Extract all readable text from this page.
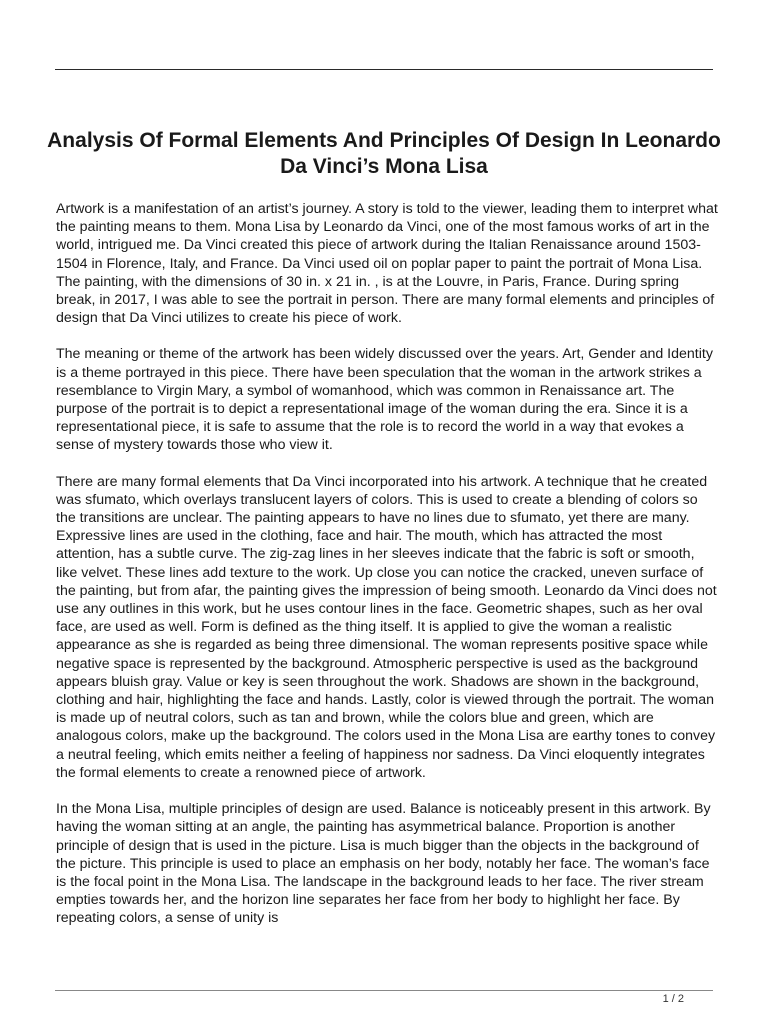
Analysis Of Formal Elements And Principles Of Design In Leonardo Da Vinci’s Mona Lisa

Artwork is a manifestation of an artist’s journey. A story is told to the viewer, leading them to interpret what the painting means to them. Mona Lisa by Leonardo da Vinci, one of the most famous works of art in the world, intrigued me. Da Vinci created this piece of artwork during the Italian Renaissance around 1503-1504 in Florence, Italy, and France. Da Vinci used oil on poplar paper to paint the portrait of Mona Lisa. The painting, with the dimensions of 30 in. x 21 in. , is at the Louvre, in Paris, France. During spring break, in 2017, I was able to see the portrait in person. There are many formal elements and principles of design that Da Vinci utilizes to create his piece of work.

The meaning or theme of the artwork has been widely discussed over the years. Art, Gender and Identity is a theme portrayed in this piece. There have been speculation that the woman in the artwork strikes a resemblance to Virgin Mary, a symbol of womanhood, which was common in Renaissance art. The purpose of the portrait is to depict a representational image of the woman during the era. Since it is a representational piece, it is safe to assume that the role is to record the world in a way that evokes a sense of mystery towards those who view it.

There are many formal elements that Da Vinci incorporated into his artwork. A technique that he created was sfumato, which overlays translucent layers of colors. This is used to create a blending of colors so the transitions are unclear. The painting appears to have no lines due to sfumato, yet there are many. Expressive lines are used in the clothing, face and hair. The mouth, which has attracted the most attention, has a subtle curve. The zig-zag lines in her sleeves indicate that the fabric is soft or smooth, like velvet. These lines add texture to the work. Up close you can notice the cracked, uneven surface of the painting, but from afar, the painting gives the impression of being smooth. Leonardo da Vinci does not use any outlines in this work, but he uses contour lines in the face. Geometric shapes, such as her oval face, are used as well. Form is defined as the thing itself. It is applied to give the woman a realistic appearance as she is regarded as being three dimensional. The woman represents positive space while negative space is represented by the background. Atmospheric perspective is used as the background appears bluish gray. Value or key is seen throughout the work. Shadows are shown in the background, clothing and hair, highlighting the face and hands. Lastly, color is viewed through the portrait. The woman is made up of neutral colors, such as tan and brown, while the colors blue and green, which are analogous colors, make up the background. The colors used in the Mona Lisa are earthy tones to convey a neutral feeling, which emits neither a feeling of happiness nor sadness. Da Vinci eloquently integrates the formal elements to create a renowned piece of artwork.

In the Mona Lisa, multiple principles of design are used. Balance is noticeably present in this artwork. By having the woman sitting at an angle, the painting has asymmetrical balance. Proportion is another principle of design that is used in the picture. Lisa is much bigger than the objects in the background of the picture. This principle is used to place an emphasis on her body, notably her face. The woman’s face is the focal point in the Mona Lisa. The landscape in the background leads to her face. The river stream empties towards her, and the horizon line separates her face from her body to highlight her face. By repeating colors, a sense of unity is

1 / 2
